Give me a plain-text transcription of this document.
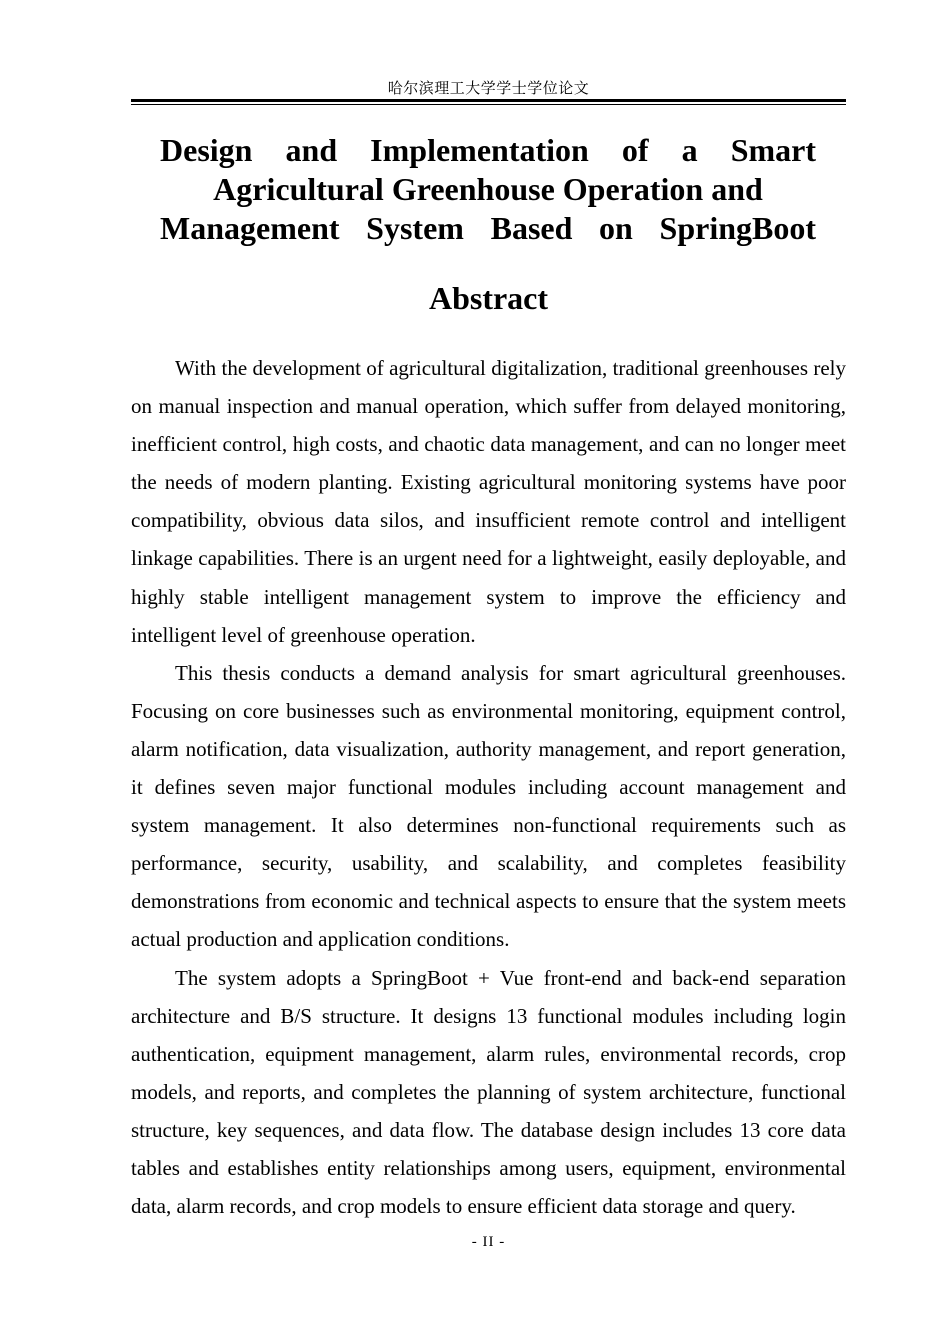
哈尔滨理工大学学士学位论文
Design and Implementation of a Smart
Agricultural Greenhouse Operation and
Management System Based on SpringBoot
Abstract

With the development of agricultural digitalization, traditional greenhouses rely on manual inspection and manual operation, which suffer from delayed monitoring, inefficient control, high costs, and chaotic data management, and can no longer meet the needs of modern planting. Existing agricultural monitoring systems have poor compatibility, obvious data silos, and insufficient remote control and intelligent linkage capabilities. There is an urgent need for a lightweight, easily deployable, and highly stable intelligent management system to improve the efficiency and intelligent level of greenhouse operation.

This thesis conducts a demand analysis for smart agricultural greenhouses. Focusing on core businesses such as environmental monitoring, equipment control, alarm notification, data visualization, authority management, and report generation, it defines seven major functional modules including account management and system management. It also determines non-functional requirements such as performance, security, usability, and scalability, and completes feasibility demonstrations from economic and technical aspects to ensure that the system meets actual production and application conditions.

The system adopts a SpringBoot + Vue front-end and back-end separation architecture and B/S structure. It designs 13 functional modules including login authentication, equipment management, alarm rules, environmental records, crop models, and reports, and completes the planning of system architecture, functional structure, key sequences, and data flow. The database design includes 13 core data tables and establishes entity relationships among users, equipment, environmental data, alarm records, and crop models to ensure efficient data storage and query.

- II -
